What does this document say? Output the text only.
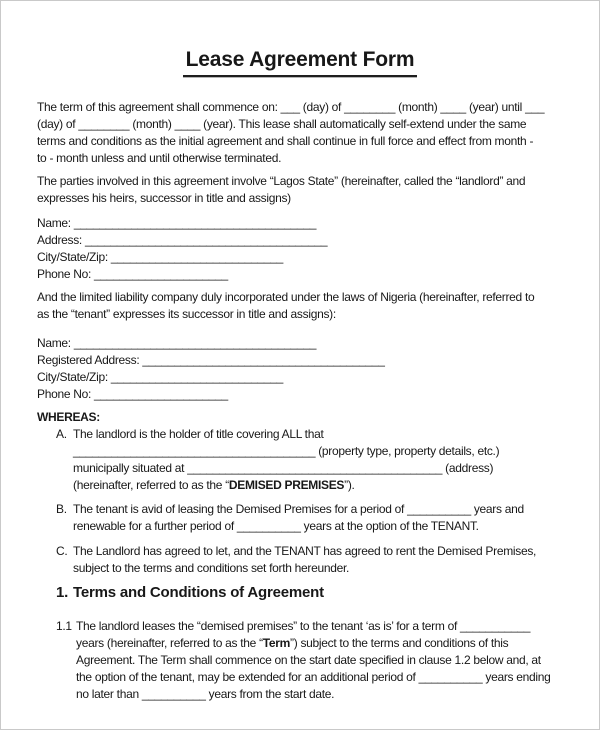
Lease Agreement Form
The term of this agreement shall commence on: ___ (day) of ________ (month) ____ (year) until ___
(day) of ________ (month) ____ (year). This lease shall automatically self-extend under the same
terms and conditions as the initial agreement and shall continue in full force and effect from month -
to - month unless and until otherwise terminated.
The parties involved in this agreement involve “Lagos State” (hereinafter, called the “landlord” and
expresses his heirs, successor in title and assigns)
Name: ______________________________________
Address: ______________________________________
City/State/Zip: ___________________________
Phone No: _____________________
And the limited liability company duly incorporated under the laws of Nigeria (hereinafter, referred to
as the “tenant” expresses its successor in title and assigns):
Name: ______________________________________
Registered Address: ______________________________________
City/State/Zip: ___________________________
Phone No: _____________________
WHEREAS:
A. The landlord is the holder of title covering ALL that
______________________________________ (property type, property details, etc.)
municipally situated at ________________________________________ (address)
(hereinafter, referred to as the “DEMISED PREMISES”).
B. The tenant is avid of leasing the Demised Premises for a period of __________ years and
renewable for a further period of __________ years at the option of the TENANT.
C. The Landlord has agreed to let, and the TENANT has agreed to rent the Demised Premises,
subject to the terms and conditions set forth hereunder.
1. Terms and Conditions of Agreement
1.1 The landlord leases the “demised premises” to the tenant ‘as is’ for a term of ___________
years (hereinafter, referred to as the “Term”) subject to the terms and conditions of this
Agreement. The Term shall commence on the start date specified in clause 1.2 below and, at
the option of the tenant, may be extended for an additional period of __________ years ending
no later than __________ years from the start date.
